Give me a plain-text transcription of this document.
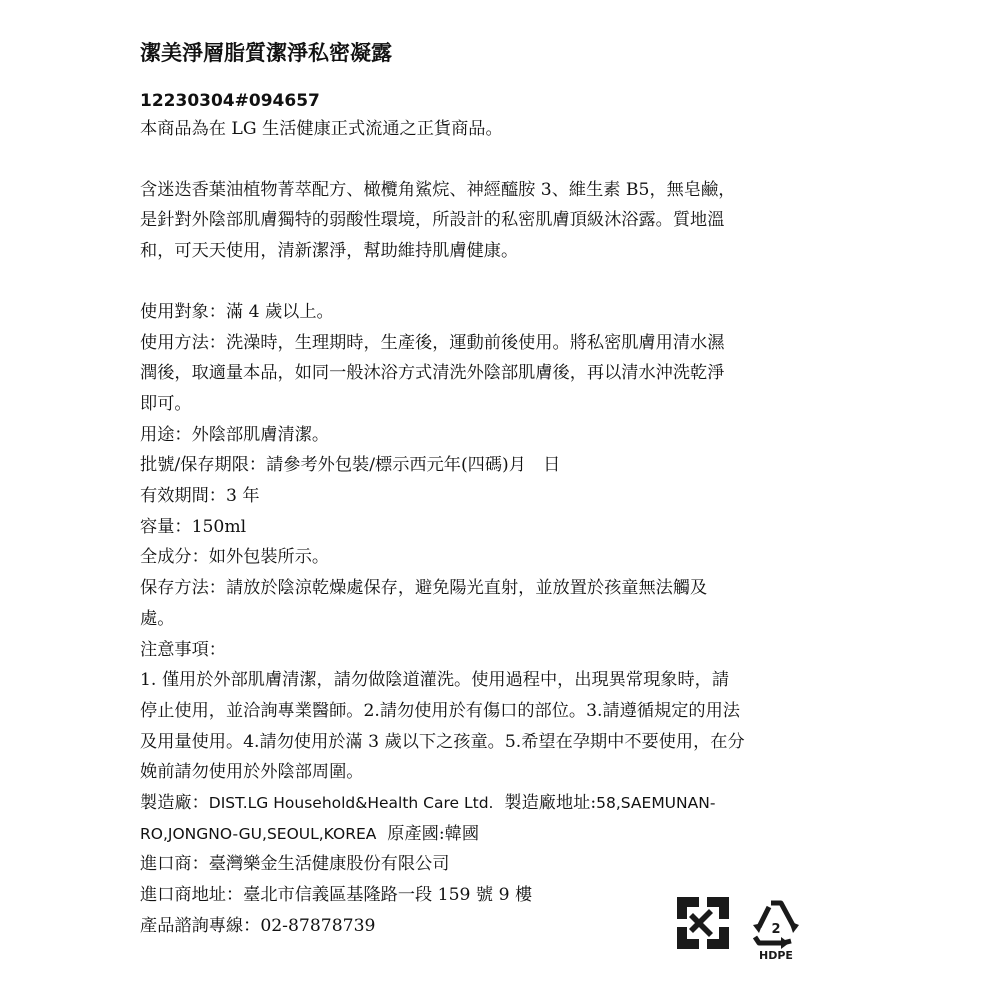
潔美淨層脂質潔淨私密凝露
12230304#094657
本商品為在 LG 生活健康正式流通之正貨商品。
含迷迭香葉油植物菁萃配方、橄欖角鯊烷、神經醯胺 3、維生素 B5，無皂鹼，
是針對外陰部肌膚獨特的弱酸性環境，所設計的私密肌膚頂級沐浴露。質地溫
和，可天天使用，清新潔淨，幫助維持肌膚健康。
使用對象：滿 4 歲以上。
使用方法：洗澡時，生理期時，生產後，運動前後使用。將私密肌膚用清水濕
潤後，取適量本品，如同一般沐浴方式清洗外陰部肌膚後，再以清水沖洗乾淨
即可。
用途：外陰部肌膚清潔。
批號/保存期限：請參考外包裝/標示西元年(四碼)月　日
有效期間：3 年
容量：150ml
全成分：如外包裝所示。
保存方法：請放於陰涼乾燥處保存，避免陽光直射，並放置於孩童無法觸及
處。
注意事項：
1. 僅用於外部肌膚清潔，請勿做陰道灌洗。使用過程中，出現異常現象時，請
停止使用，並洽詢專業醫師。2.請勿使用於有傷口的部位。3.請遵循規定的用法
及用量使用。4.請勿使用於滿 3 歲以下之孩童。5.希望在孕期中不要使用，在分
娩前請勿使用於外陰部周圍。
製造廠：DIST.LG Household&Health Care Ltd.  製造廠地址:58,SAEMUNAN-
RO,JONGNO-GU,SEOUL,KOREA  原產國:韓國
進口商：臺灣樂金生活健康股份有限公司
進口商地址：臺北市信義區基隆路一段 159 號 9 樓
產品諮詢專線：02-87878739	2
HDPE
